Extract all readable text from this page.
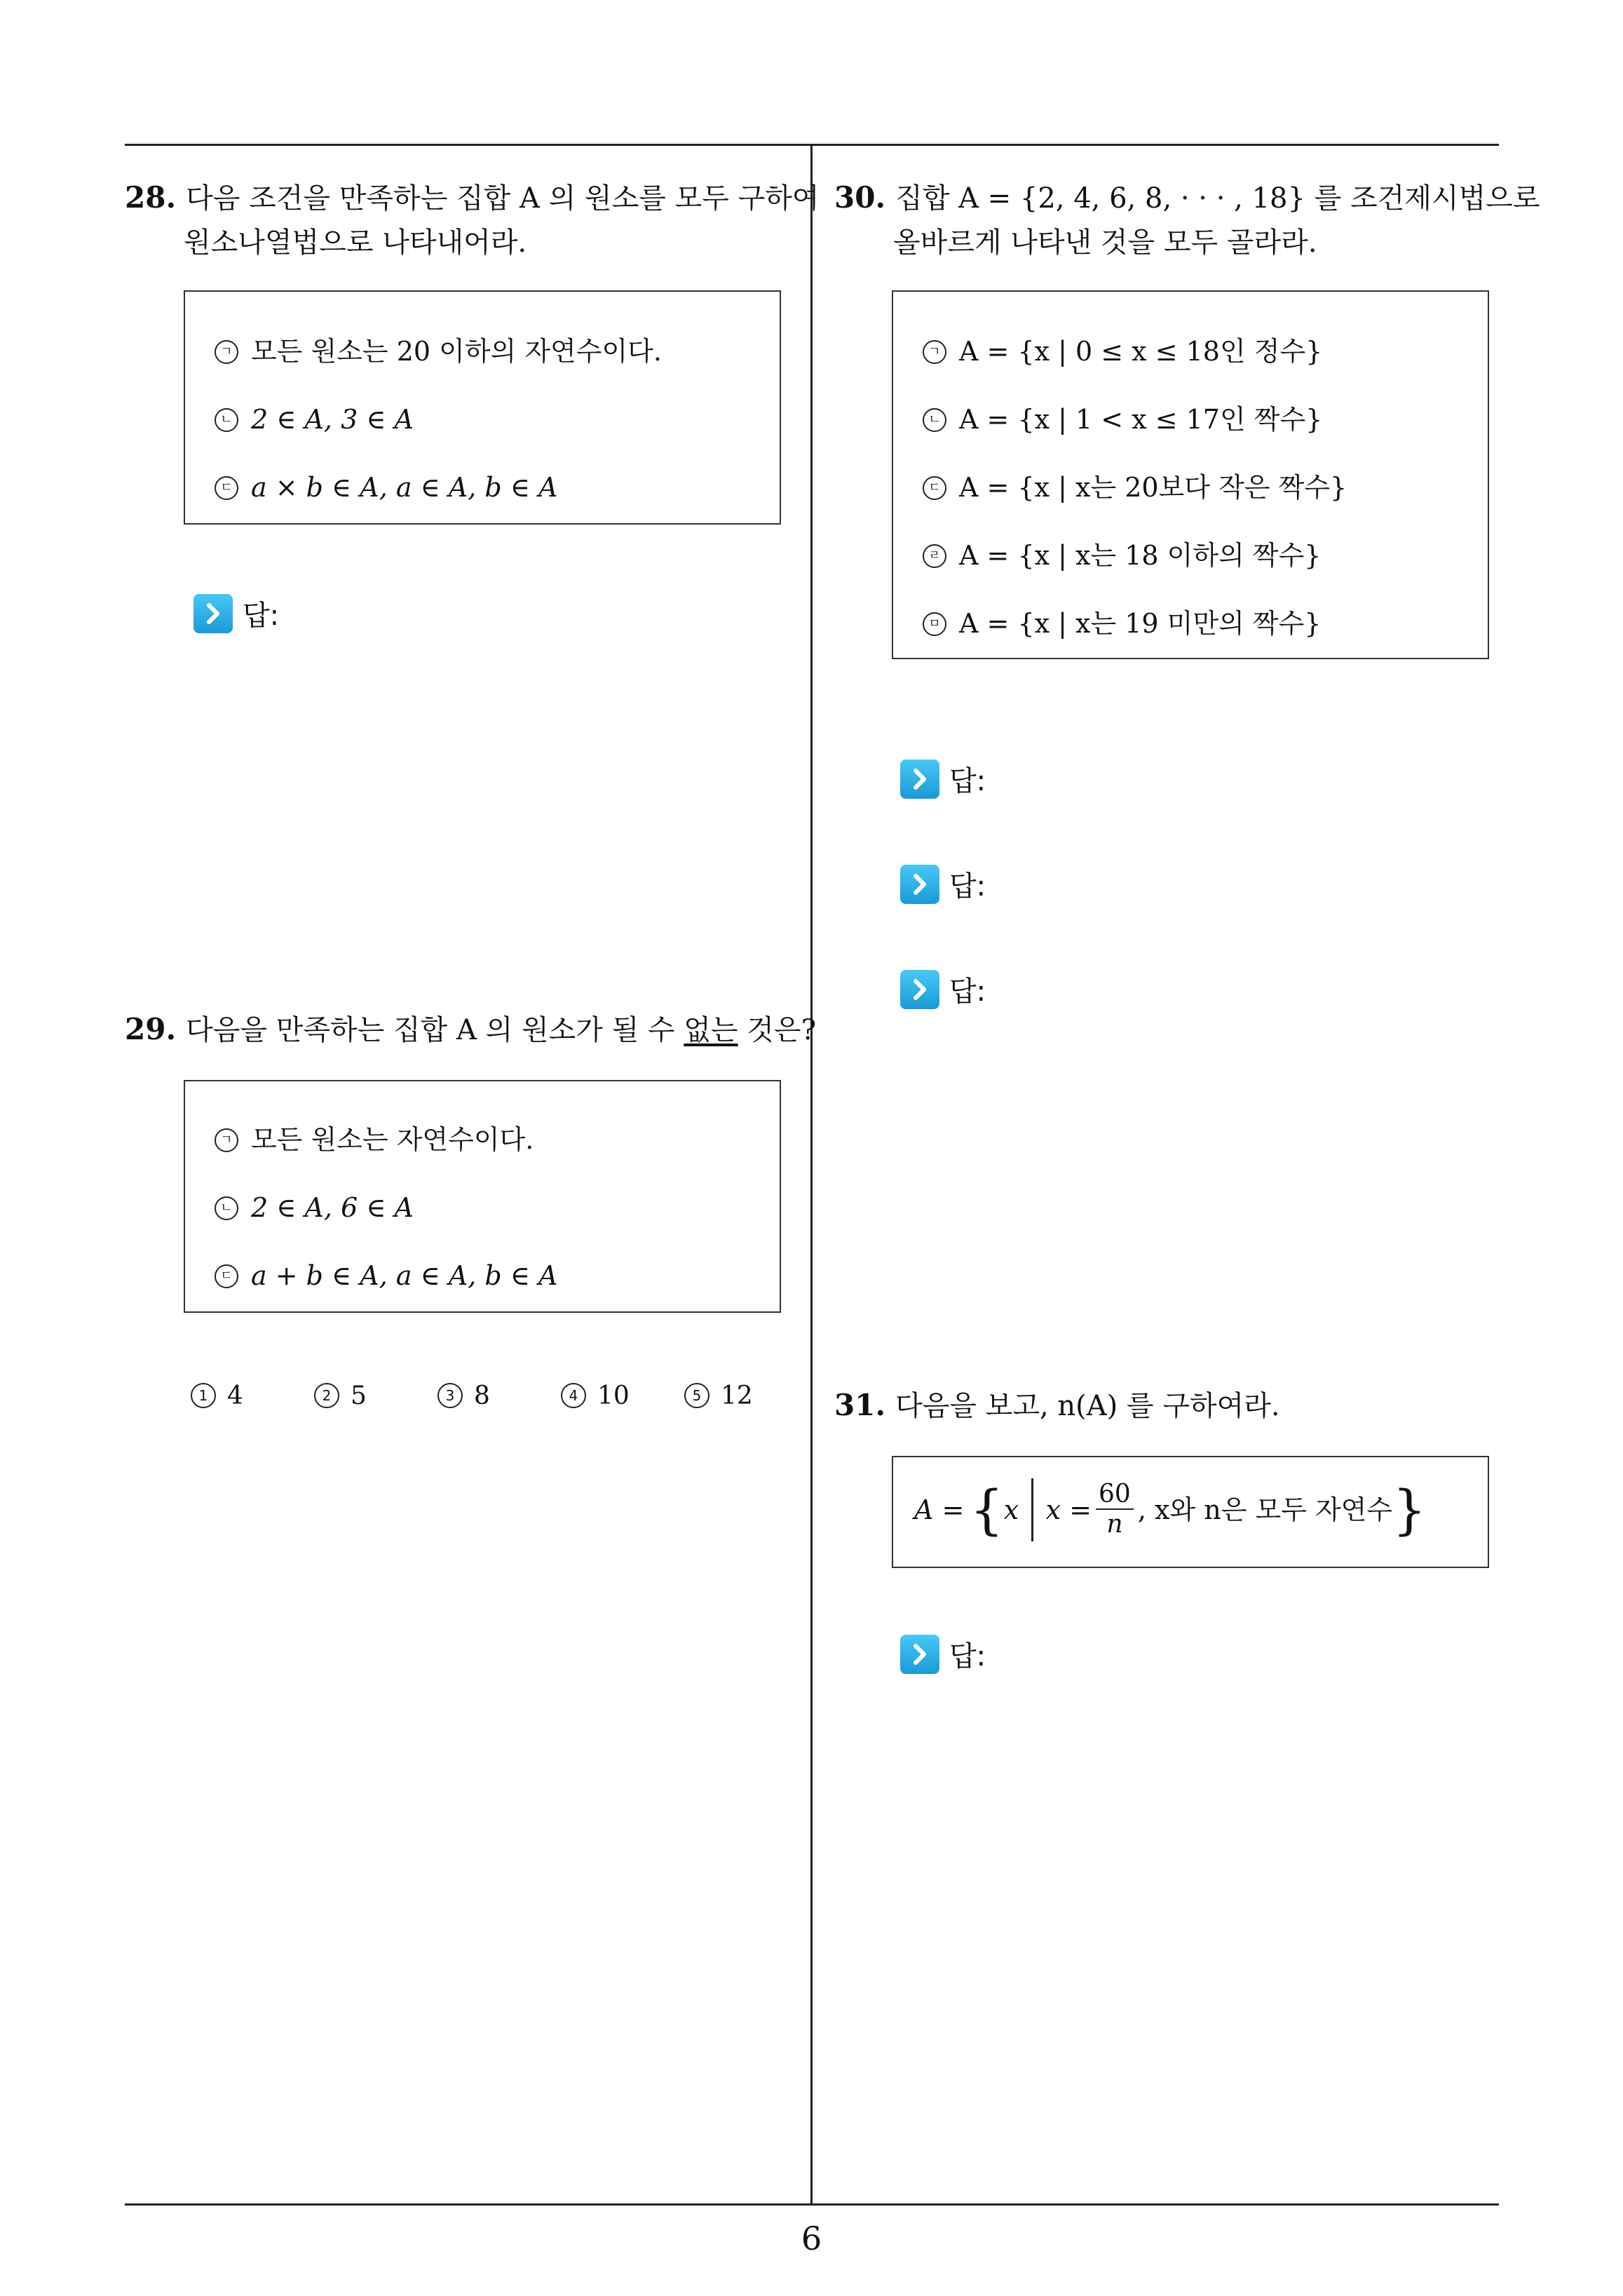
6
28. 다음 조건을 만족하는 집합 A 의 원소를 모두 구하여
원소나열법으로 나타내어라.
ㄱ 모든 원소는 20 이하의 자연수이다.
ㄴ 2 ∈ A, 3 ∈ A
ㄷ a × b ∈ A, a ∈ A, b ∈ A
답:
29. 다음을 만족하는 집합 A 의 원소가 될 수 없는 것은?
ㄱ 모든 원소는 자연수이다.
ㄴ 2 ∈ A, 6 ∈ A
ㄷ a + b ∈ A, a ∈ A, b ∈ A
1 4	2 5	3 8	4 10	5 12
30. 집합 A = {2, 4, 6, 8, · · · , 18} 를 조건제시법으로
올바르게 나타낸 것을 모두 골라라.
ㄱ A = {x | 0 ≤ x ≤ 18인 정수}
ㄴ A = {x | 1 < x ≤ 17인 짝수}
ㄷ A = {x | x는 20보다 작은 짝수}
ㄹ A = {x | x는 18 이하의 짝수}
ㅁ A = {x | x는 19 미만의 짝수}
답:
답:
답:
31. 다음을 보고, n(A) 를 구하여라.
A = { x $x = \frac{60}{n}$ , x와 n은 모두 자연수 }
답:
